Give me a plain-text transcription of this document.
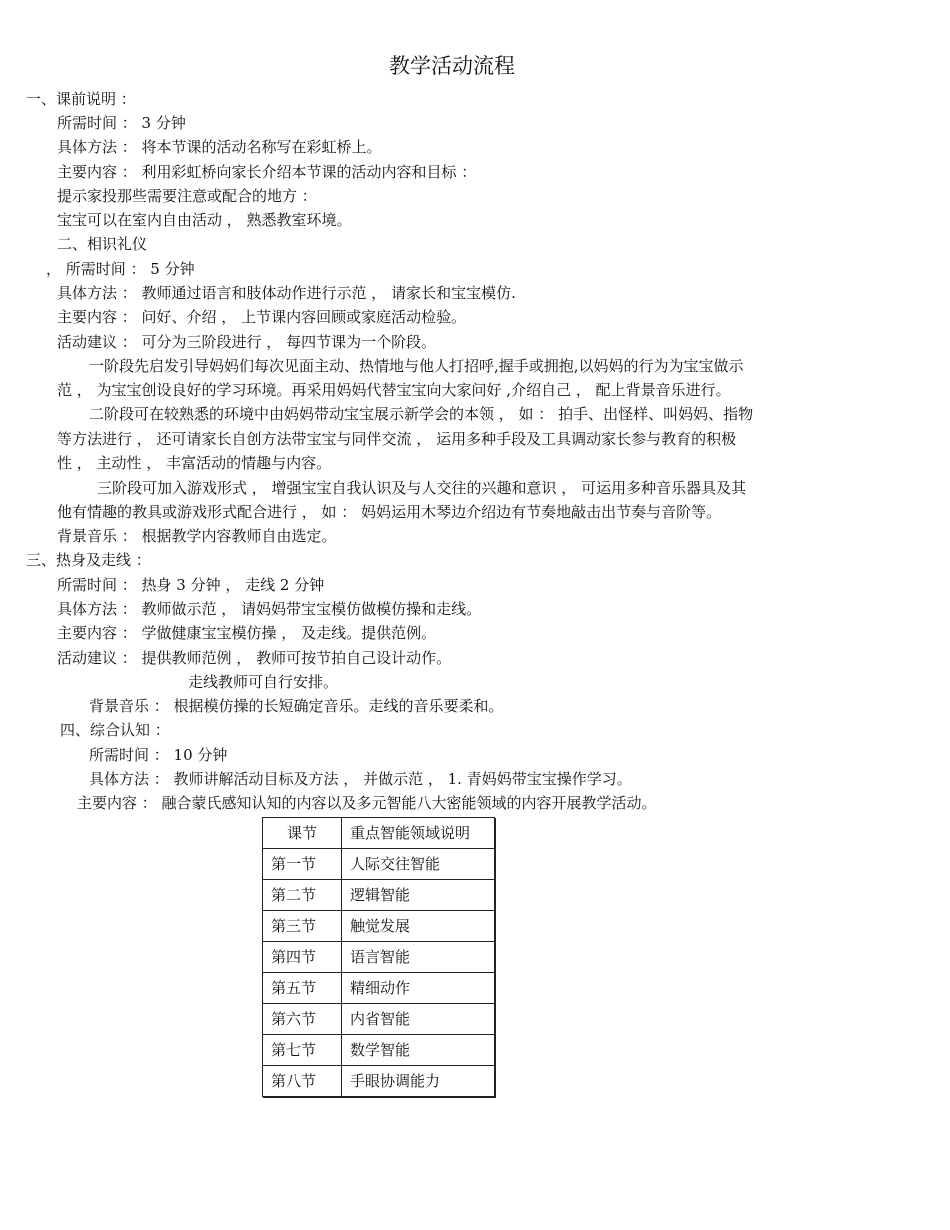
教学活动流程
一、课前说明 ：
所需时间 ： 3 分钟
具体方法 ： 将本节课的活动名称写在彩虹桥上。
主要内容 ： 利用彩虹桥向家长介绍本节课的活动内容和目标 ：
提示家投那些需要注意或配合的地方 ：
宝宝可以在室内自由活动 ， 熟悉教室环境。
二、相识礼仪
， 所需时间 ： 5 分钟
具体方法 ： 教师通过语言和肢体动作进行示范 ， 请家长和宝宝模仿.
主要内容 ： 问好、介绍 ， 上节课内容回顾或家庭活动检验。
活动建议 ： 可分为三阶段进行 ， 每四节课为一个阶段。
一阶段先启发引导妈妈们每次见面主动、热情地与他人打招呼,握手或拥抱,以妈妈的行为为宝宝做示
范 ， 为宝宝创设良好的学习环境。再采用妈妈代替宝宝向大家问好 ,介绍自己 ， 配上背景音乐进行。
二阶段可在较熟悉的环境中由妈妈带动宝宝展示新学会的本领 ， 如 ： 拍手、出怪样、叫妈妈、指物
等方法进行 ， 还可请家长自创方法带宝宝与同伴交流 ， 运用多种手段及工具调动家长参与教育的积极
性 ， 主动性 ， 丰富活动的情趣与内容。
三阶段可加入游戏形式 ， 增强宝宝自我认识及与人交往的兴趣和意识 ， 可运用多种音乐器具及其
他有情趣的教具或游戏形式配合进行 ， 如 ： 妈妈运用木琴边介绍边有节奏地敲击出节奏与音阶等。
背景音乐 ： 根据教学内容教师自由选定。
三、热身及走线 ：
所需时间 ： 热身 3 分钟 ， 走线 2 分钟
具体方法 ： 教师做示范 ， 请妈妈带宝宝模仿做模仿操和走线。
主要内容 ： 学做健康宝宝模仿操 ， 及走线。提供范例。
活动建议 ： 提供教师范例 ， 教师可按节拍自己设计动作。
走线教师可自行安排。
背景音乐 ： 根据模仿操的长短确定音乐。走线的音乐要柔和。
四、综合认知 ：
所需时间 ： 10 分钟
具体方法 ： 教师讲解活动目标及方法 ， 并做示范 ， 1. 青妈妈带宝宝操作学习。
主要内容 ： 融合蒙氏感知认知的内容以及多元智能八大密能领域的内容开展教学活动。
课节	重点智能领域说明
第一节	人际交往智能
第二节	逻辑智能
第三节	触觉发展
第四节	语言智能
第五节	精细动作
第六节	内省智能
第七节	数学智能
第八节	手眼协调能力
